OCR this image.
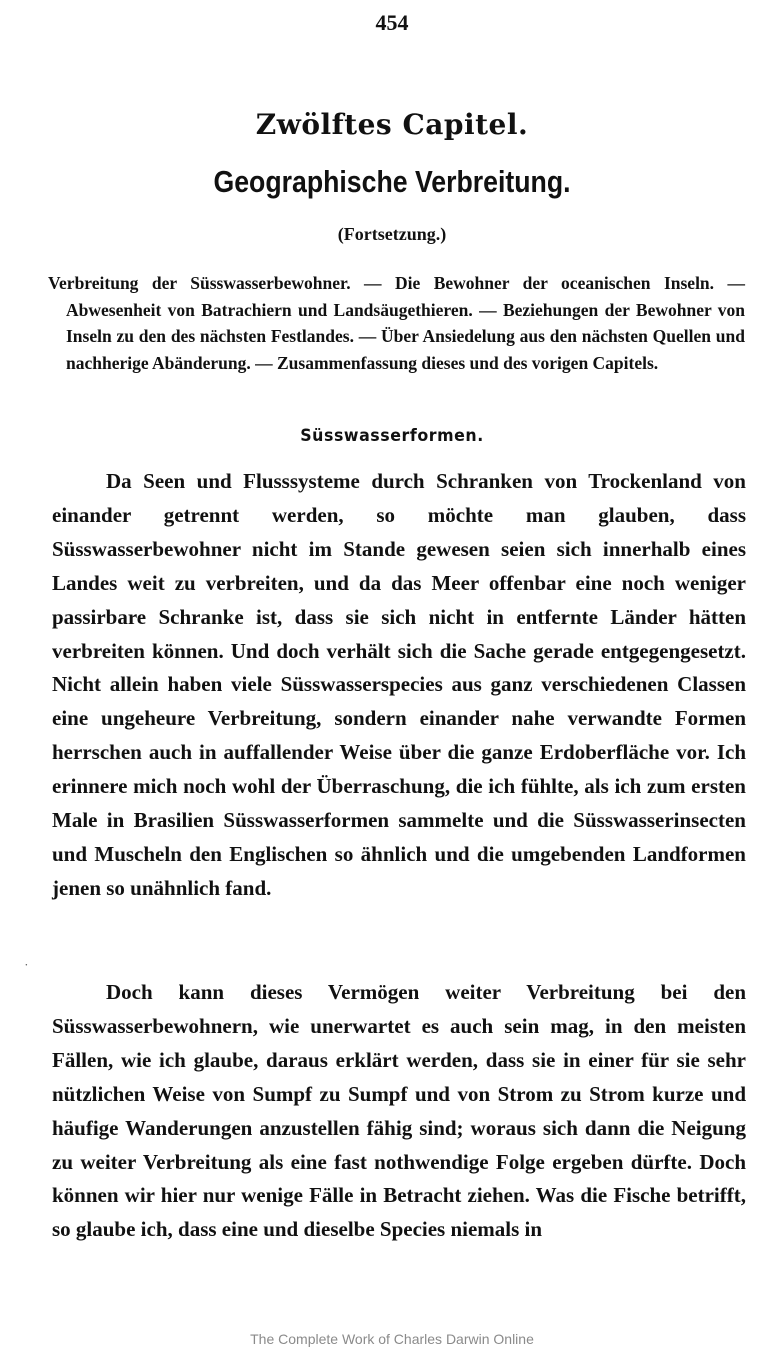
454
Zwölftes Capitel.
Geographische Verbreitung.
(Fortsetzung.)
Verbreitung der Süsswasserbewohner. — Die Bewohner der oceanischen Inseln. — Abwesenheit von Batrachiern und Landsäugethieren. — Beziehungen der Bewohner von Inseln zu den des nächsten Festlandes. — Über Ansiedelung aus den nächsten Quellen und nachherige Abänderung. — Zusammenfassung dieses und des vorigen Capitels.
Süsswasserformen.

Da Seen und Flusssysteme durch Schranken von Trockenland von einander getrennt werden, so möchte man glauben, dass Süsswasserbewohner nicht im Stande gewesen seien sich innerhalb eines Landes weit zu verbreiten, und da das Meer offenbar eine noch weniger passirbare Schranke ist, dass sie sich nicht in entfernte Länder hätten verbreiten können. Und doch verhält sich die Sache gerade entgegengesetzt. Nicht allein haben viele Süsswasserspecies aus ganz verschiedenen Classen eine ungeheure Verbreitung, sondern einander nahe verwandte Formen herrschen auch in auffallender Weise über die ganze Erdoberfläche vor. Ich erinnere mich noch wohl der Überraschung, die ich fühlte, als ich zum ersten Male in Brasilien Süsswasserformen sammelte und die Süsswasserinsecten und Muscheln den Englischen so ähnlich und die umgebenden Landformen jenen so unähnlich fand.

˙

Doch kann dieses Vermögen weiter Verbreitung bei den Süsswasserbewohnern, wie unerwartet es auch sein mag, in den meisten Fällen, wie ich glaube, daraus erklärt werden, dass sie in einer für sie sehr nützlichen Weise von Sumpf zu Sumpf und von Strom zu Strom kurze und häufige Wanderungen anzustellen fähig sind; woraus sich dann die Neigung zu weiter Verbreitung als eine fast nothwendige Folge ergeben dürfte. Doch können wir hier nur wenige Fälle in Betracht ziehen. Was die Fische betrifft, so glaube ich, dass eine und dieselbe Species niemals in

The Complete Work of Charles Darwin Online
